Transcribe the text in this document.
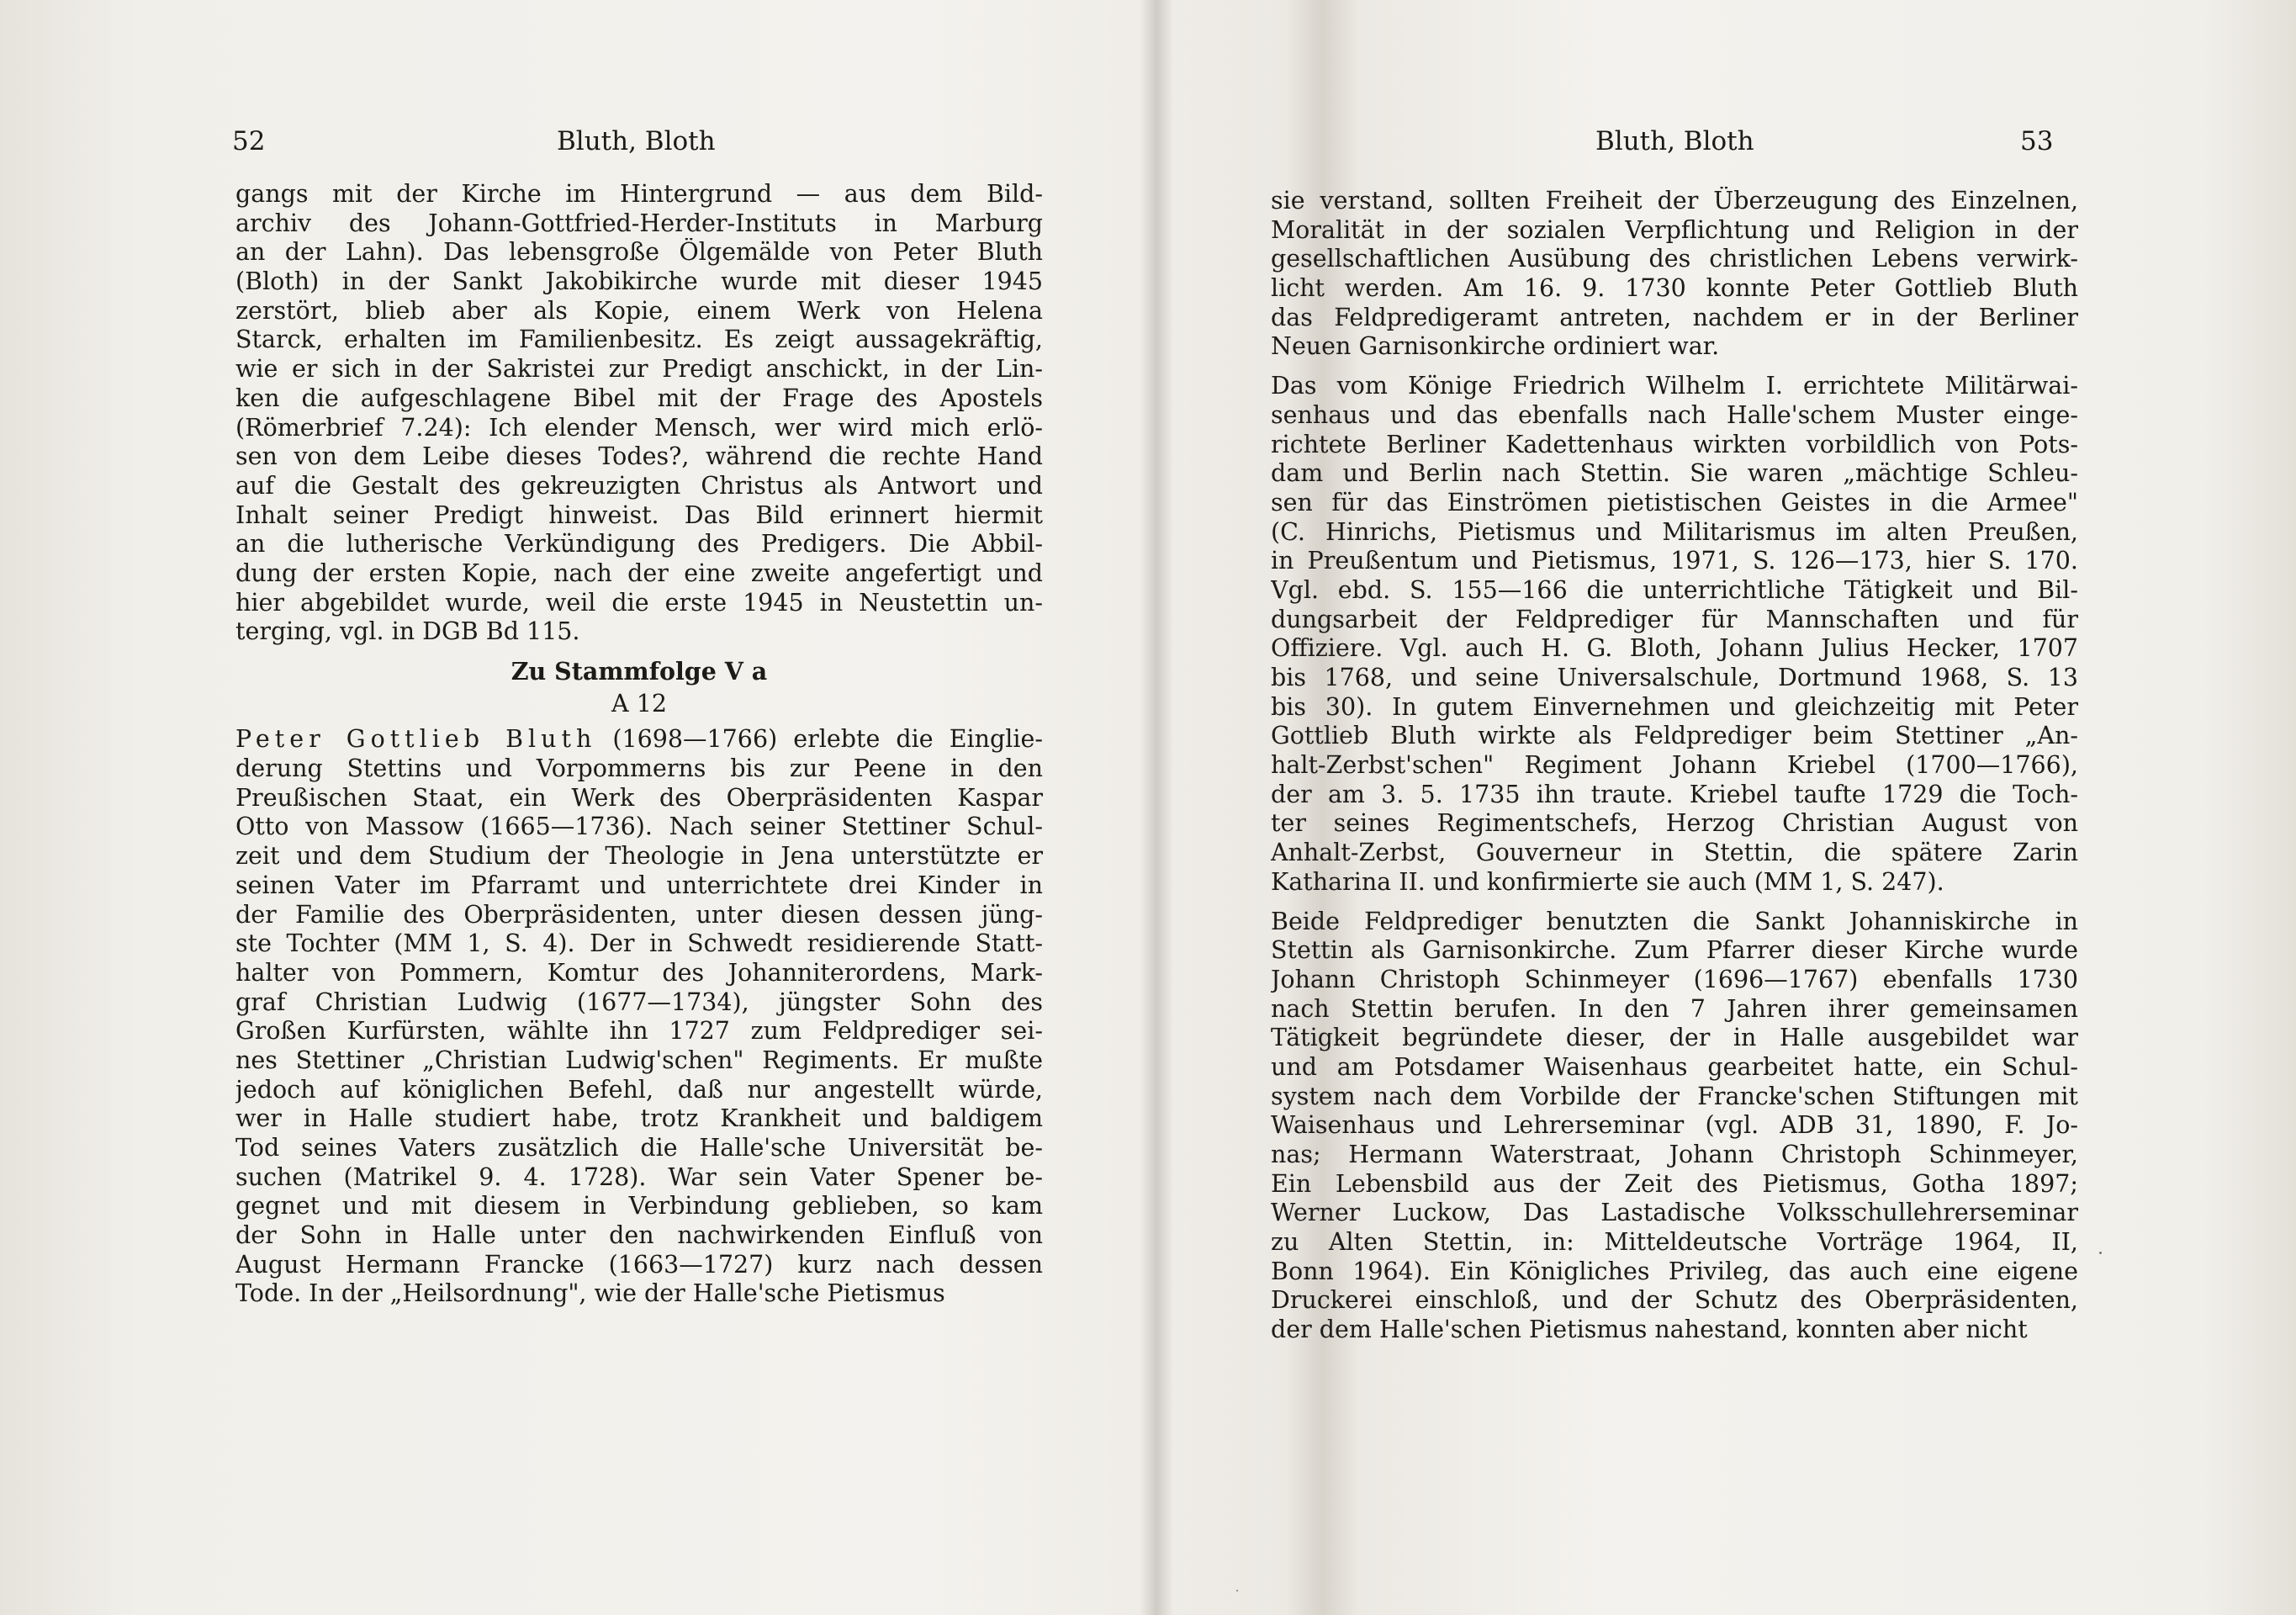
52	Bluth, Bloth
gangs mit der Kirche im Hintergrund — aus dem Bild-
archiv des Johann-Gottfried-Herder-Instituts in Marburg
an der Lahn). Das lebensgroße Ölgemälde von Peter Bluth
(Bloth) in der Sankt Jakobikirche wurde mit dieser 1945
zerstört, blieb aber als Kopie, einem Werk von Helena
Starck, erhalten im Familienbesitz. Es zeigt aussagekräftig,
wie er sich in der Sakristei zur Predigt anschickt, in der Lin-
ken die aufgeschlagene Bibel mit der Frage des Apostels
(Römerbrief 7.24): Ich elender Mensch, wer wird mich erlö-
sen von dem Leibe dieses Todes?, während die rechte Hand
auf die Gestalt des gekreuzigten Christus als Antwort und
Inhalt seiner Predigt hinweist. Das Bild erinnert hiermit
an die lutherische Verkündigung des Predigers. Die Abbil-
dung der ersten Kopie, nach der eine zweite angefertigt und
hier abgebildet wurde, weil die erste 1945 in Neustettin un-
terging, vgl. in DGB Bd 115.
Zu Stammfolge V a
A 12
Peter Gottlieb Bluth (1698—1766) erlebte die Einglie-
derung Stettins und Vorpommerns bis zur Peene in den
Preußischen Staat, ein Werk des Oberpräsidenten Kaspar
Otto von Massow (1665—1736). Nach seiner Stettiner Schul-
zeit und dem Studium der Theologie in Jena unterstützte er
seinen Vater im Pfarramt und unterrichtete drei Kinder in
der Familie des Oberpräsidenten, unter diesen dessen jüng-
ste Tochter (MM 1, S. 4). Der in Schwedt residierende Statt-
halter von Pommern, Komtur des Johanniterordens, Mark-
graf Christian Ludwig (1677—1734), jüngster Sohn des
Großen Kurfürsten, wählte ihn 1727 zum Feldprediger sei-
nes Stettiner „Christian Ludwig'schen" Regiments. Er mußte
jedoch auf königlichen Befehl, daß nur angestellt würde,
wer in Halle studiert habe, trotz Krankheit und baldigem
Tod seines Vaters zusätzlich die Halle'sche Universität be-
suchen (Matrikel 9. 4. 1728). War sein Vater Spener be-
gegnet und mit diesem in Verbindung geblieben, so kam
der Sohn in Halle unter den nachwirkenden Einfluß von
August Hermann Francke (1663—1727) kurz nach dessen
Tode. In der „Heilsordnung", wie der Halle'sche Pietismus
Bluth, Bloth	53
sie verstand, sollten Freiheit der Überzeugung des Einzelnen,
Moralität in der sozialen Verpflichtung und Religion in der
gesellschaftlichen Ausübung des christlichen Lebens verwirk-
licht werden. Am 16. 9. 1730 konnte Peter Gottlieb Bluth
das Feldpredigeramt antreten, nachdem er in der Berliner
Neuen Garnisonkirche ordiniert war.
Das vom Könige Friedrich Wilhelm I. errichtete Militärwai-
senhaus und das ebenfalls nach Halle'schem Muster einge-
richtete Berliner Kadettenhaus wirkten vorbildlich von Pots-
dam und Berlin nach Stettin. Sie waren „mächtige Schleu-
sen für das Einströmen pietistischen Geistes in die Armee"
(C. Hinrichs, Pietismus und Militarismus im alten Preußen,
in Preußentum und Pietismus, 1971, S. 126—173, hier S. 170.
Vgl. ebd. S. 155—166 die unterrichtliche Tätigkeit und Bil-
dungsarbeit der Feldprediger für Mannschaften und für
Offiziere. Vgl. auch H. G. Bloth, Johann Julius Hecker, 1707
bis 1768, und seine Universalschule, Dortmund 1968, S. 13
bis 30). In gutem Einvernehmen und gleichzeitig mit Peter
Gottlieb Bluth wirkte als Feldprediger beim Stettiner „An-
halt-Zerbst'schen" Regiment Johann Kriebel (1700—1766),
der am 3. 5. 1735 ihn traute. Kriebel taufte 1729 die Toch-
ter seines Regimentschefs, Herzog Christian August von
Anhalt-Zerbst, Gouverneur in Stettin, die spätere Zarin
Katharina II. und konfirmierte sie auch (MM 1, S. 247).
Beide Feldprediger benutzten die Sankt Johanniskirche in
Stettin als Garnisonkirche. Zum Pfarrer dieser Kirche wurde
Johann Christoph Schinmeyer (1696—1767) ebenfalls 1730
nach Stettin berufen. In den 7 Jahren ihrer gemeinsamen
Tätigkeit begründete dieser, der in Halle ausgebildet war
und am Potsdamer Waisenhaus gearbeitet hatte, ein Schul-
system nach dem Vorbilde der Francke'schen Stiftungen mit
Waisenhaus und Lehrerseminar (vgl. ADB 31, 1890, F. Jo-
nas; Hermann Waterstraat, Johann Christoph Schinmeyer,
Ein Lebensbild aus der Zeit des Pietismus, Gotha 1897;
Werner Luckow, Das Lastadische Volksschullehrerseminar
zu Alten Stettin, in: Mitteldeutsche Vorträge 1964, II,
Bonn 1964). Ein Königliches Privileg, das auch eine eigene
Druckerei einschloß, und der Schutz des Oberpräsidenten,
der dem Halle'schen Pietismus nahestand, konnten aber nicht
